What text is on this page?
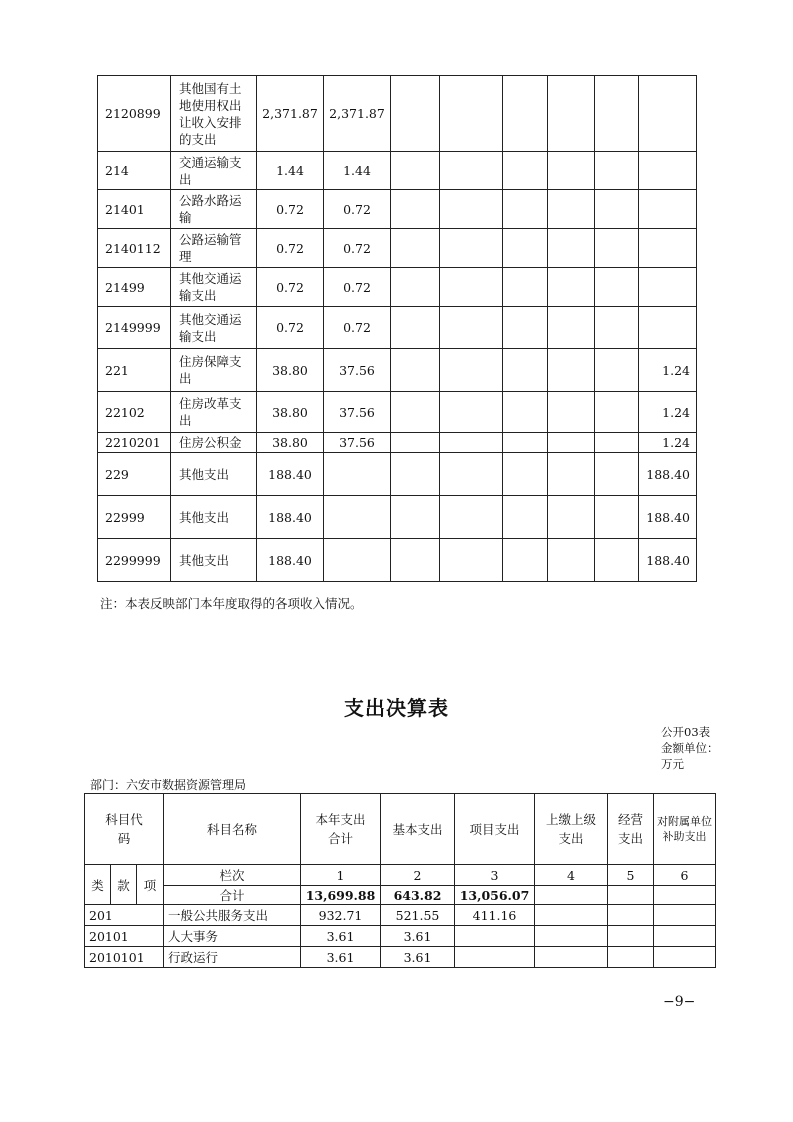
2120899	其他国有土地使用权出让收入安排的支出	2,371.87	2,371.87						
214	交通运输支出	1.44	1.44						
21401	公路水路运输	0.72	0.72						
2140112	公路运输管理	0.72	0.72						
21499	其他交通运输支出	0.72	0.72						
2149999	其他交通运输支出	0.72	0.72						
221	住房保障支出	38.80	37.56						1.24
22102	住房改革支出	38.80	37.56						1.24
2210201	住房公积金	38.80	37.56						1.24
229	其他支出	188.40							188.40
22999	其他支出	188.40							188.40
2299999	其他支出	188.40							188.40
注：本表反映部门本年度取得的各项收入情况。
支出决算表
公开03表
金额单位：万元
部门：六安市数据资源管理局
科目代码			科目名称	本年支出合计	基本支出	项目支出	上缴上级支出	经营支出	对附属单位补助支出

类	款	项	栏次	1	2	3	4	5	6
			合计	13,699.88	643.82	13,056.07			
201			一般公共服务支出	932.71	521.55	411.16			
20101			人大事务	3.61	3.61				
2010101			行政运行	3.61	3.61				
−9−
